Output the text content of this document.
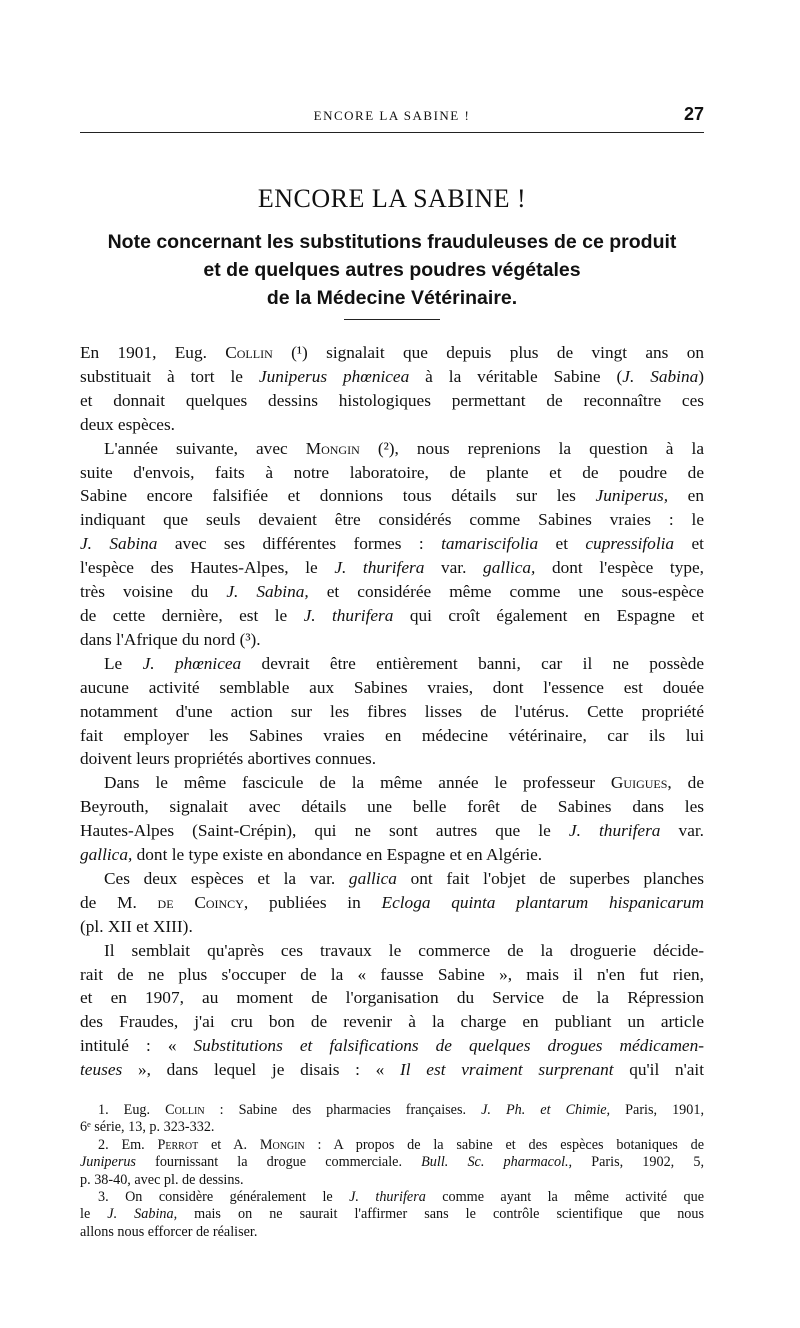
ENCORE LA SABINE !	27
ENCORE LA SABINE !
Note concernant les substitutions frauduleuses de ce produit
et de quelques autres poudres végétales
de la Médecine Vétérinaire.
En 1901, Eug. Collin (¹) signalait que depuis plus de vingt ans on
substituait à tort le Juniperus phœnicea à la véritable Sabine (J. Sabina)
et donnait quelques dessins histologiques permettant de reconnaître ces
deux espèces.
L'année suivante, avec Mongin (²), nous reprenions la question à la
suite d'envois, faits à notre laboratoire, de plante et de poudre de
Sabine encore falsifiée et donnions tous détails sur les Juniperus, en
indiquant que seuls devaient être considérés comme Sabines vraies : le
J. Sabina avec ses différentes formes : tamariscifolia et cupressifolia et
l'espèce des Hautes-Alpes, le J. thurifera var. gallica, dont l'espèce type,
très voisine du J. Sabina, et considérée même comme une sous-espèce
de cette dernière, est le J. thurifera qui croît également en Espagne et
dans l'Afrique du nord (³).
Le J. phœnicea devrait être entièrement banni, car il ne possède
aucune activité semblable aux Sabines vraies, dont l'essence est douée
notamment d'une action sur les fibres lisses de l'utérus. Cette propriété
fait employer les Sabines vraies en médecine vétérinaire, car ils lui
doivent leurs propriétés abortives connues.
Dans le même fascicule de la même année le professeur Guigues, de
Beyrouth, signalait avec détails une belle forêt de Sabines dans les
Hautes-Alpes (Saint-Crépin), qui ne sont autres que le J. thurifera var.
gallica, dont le type existe en abondance en Espagne et en Algérie.
Ces deux espèces et la var. gallica ont fait l'objet de superbes planches
de M. de Coincy, publiées in Ecloga quinta plantarum hispanicarum
(pl. XII et XIII).
Il semblait qu'après ces travaux le commerce de la droguerie décide-
rait de ne plus s'occuper de la « fausse Sabine », mais il n'en fut rien,
et en 1907, au moment de l'organisation du Service de la Répression
des Fraudes, j'ai cru bon de revenir à la charge en publiant un article
intitulé : « Substitutions et falsifications de quelques drogues médicamen-
teuses », dans lequel je disais : « Il est vraiment surprenant qu'il n'ait
1. Eug. Collin : Sabine des pharmacies françaises. J. Ph. et Chimie, Paris, 1901,
6ᵉ série, 13, p. 323-332.
2. Em. Perrot et A. Mongin : A propos de la sabine et des espèces botaniques de
Juniperus fournissant la drogue commerciale. Bull. Sc. pharmacol., Paris, 1902, 5,
p. 38-40, avec pl. de dessins.
3. On considère généralement le J. thurifera comme ayant la même activité que
le J. Sabina, mais on ne saurait l'affirmer sans le contrôle scientifique que nous
allons nous efforcer de réaliser.
